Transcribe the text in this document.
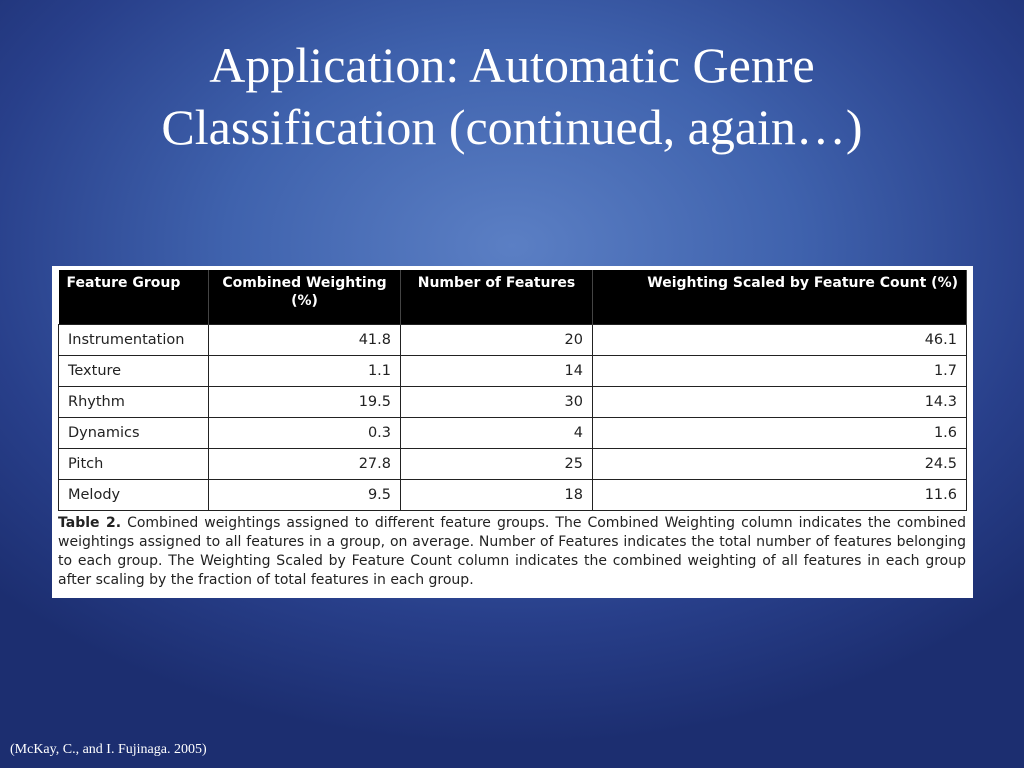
Application: Automatic Genre
Classification (continued, again…)
Feature Group	Combined Weighting (%)	Number of Features	Weighting Scaled by Feature Count (%)
Instrumentation	41.8	20	46.1
Texture	1.1	14	1.7
Rhythm	19.5	30	14.3
Dynamics	0.3	4	1.6
Pitch	27.8	25	24.5
Melody	9.5	18	11.6
Table 2. Combined weightings assigned to different feature groups. The Combined Weighting column indicates the combined weightings assigned to all features in a group, on average. Number of Features indicates the total number of features belonging to each group. The Weighting Scaled by Feature Count column indicates the combined weighting of all features in each group after scaling by the fraction of total features in each group.
(McKay, C., and I. Fujinaga. 2005)
